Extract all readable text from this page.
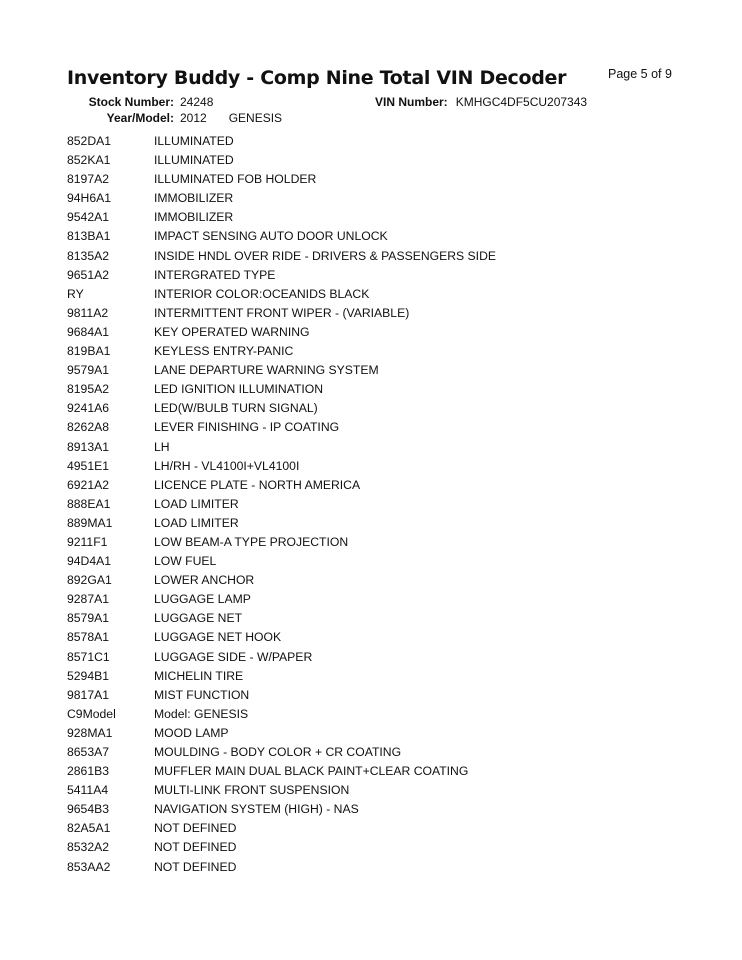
Inventory Buddy - Comp Nine Total VIN Decoder	Page 5 of 9
Stock Number: 24248	VIN Number: KMHGC4DF5CU207343
Year/Model: 2012 GENESIS
852DA1	ILLUMINATED
852KA1	ILLUMINATED
8197A2	ILLUMINATED FOB HOLDER
94H6A1	IMMOBILIZER
9542A1	IMMOBILIZER
813BA1	IMPACT SENSING AUTO DOOR UNLOCK
8135A2	INSIDE HNDL OVER RIDE - DRIVERS & PASSENGERS SIDE
9651A2	INTERGRATED TYPE
RY	INTERIOR COLOR:OCEANIDS BLACK
9811A2	INTERMITTENT FRONT WIPER - (VARIABLE)
9684A1	KEY OPERATED WARNING
819BA1	KEYLESS ENTRY-PANIC
9579A1	LANE DEPARTURE WARNING SYSTEM
8195A2	LED IGNITION ILLUMINATION
9241A6	LED(W/BULB TURN SIGNAL)
8262A8	LEVER FINISHING - IP COATING
8913A1	LH
4951E1	LH/RH - VL4100I+VL4100I
6921A2	LICENCE PLATE - NORTH AMERICA
888EA1	LOAD LIMITER
889MA1	LOAD LIMITER
9211F1	LOW BEAM-A TYPE PROJECTION
94D4A1	LOW FUEL
892GA1	LOWER ANCHOR
9287A1	LUGGAGE LAMP
8579A1	LUGGAGE NET
8578A1	LUGGAGE NET HOOK
8571C1	LUGGAGE SIDE - W/PAPER
5294B1	MICHELIN TIRE
9817A1	MIST FUNCTION
C9Model	Model: GENESIS
928MA1	MOOD LAMP
8653A7	MOULDING - BODY COLOR + CR COATING
2861B3	MUFFLER MAIN DUAL BLACK PAINT+CLEAR COATING
5411A4	MULTI-LINK FRONT SUSPENSION
9654B3	NAVIGATION SYSTEM (HIGH) - NAS
82A5A1	NOT DEFINED
8532A2	NOT DEFINED
853AA2	NOT DEFINED
